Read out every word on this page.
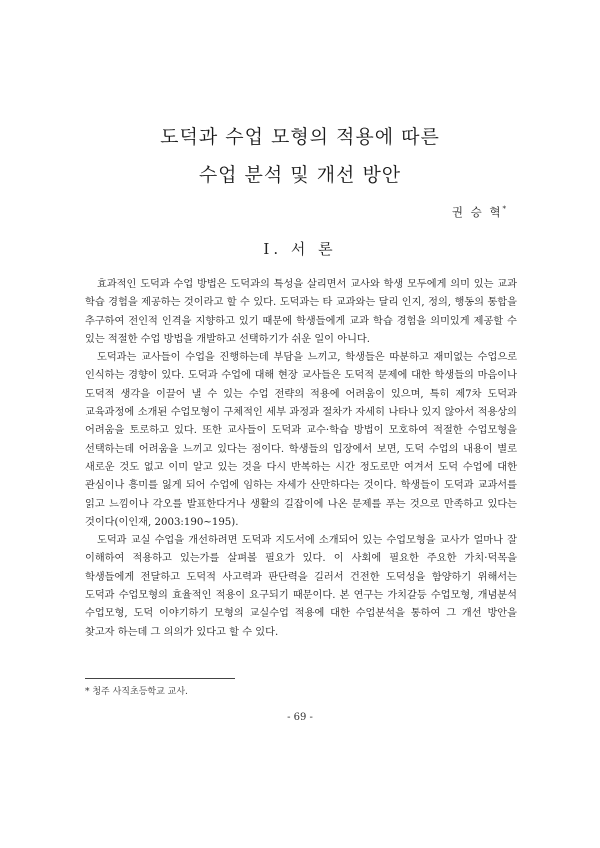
도덕과 수업 모형의 적용에 따른
수업 분석 및 개선 방안
권 승 혁*
Ⅰ. 서 론

효과적인 도덕과 수업 방법은 도덕과의 특성을 살리면서 교사와 학생 모두에게 의미 있는 교과 학습 경험을 제공하는 것이라고 할 수 있다. 도덕과는 타 교과와는 달리 인지, 정의, 행동의 통합을 추구하여 전인적 인격을 지향하고 있기 때문에 학생들에게 교과 학습 경험을 의미있게 제공할 수 있는 적절한 수업 방법을 개발하고 선택하기가 쉬운 일이 아니다.

도덕과는 교사들이 수업을 진행하는데 부담을 느끼고, 학생들은 따분하고 재미없는 수업으로 인식하는 경향이 있다. 도덕과 수업에 대해 현장 교사들은 도덕적 문제에 대한 학생들의 마음이나 도덕적 생각을 이끌어 낼 수 있는 수업 전략의 적용에 어려움이 있으며, 특히 제7차 도덕과 교육과정에 소개된 수업모형이 구체적인 세부 과정과 절차가 자세히 나타나 있지 않아서 적용상의 어려움을 토로하고 있다. 또한 교사들이 도덕과 교수·학습 방법이 모호하여 적절한 수업모형을 선택하는데 어려움을 느끼고 있다는 점이다. 학생들의 입장에서 보면, 도덕 수업의 내용이 별로 새로운 것도 없고 이미 알고 있는 것을 다시 반복하는 시간 정도로만 여겨서 도덕 수업에 대한 관심이나 흥미를 잃게 되어 수업에 임하는 자세가 산만하다는 것이다. 학생들이 도덕과 교과서를 읽고 느낌이나 각오를 발표한다거나 생활의 길잡이에 나온 문제를 푸는 것으로 만족하고 있다는 것이다(이인재, 2003:190~195).

도덕과 교실 수업을 개선하려면 도덕과 지도서에 소개되어 있는 수업모형을 교사가 얼마나 잘 이해하여 적용하고 있는가를 살펴볼 필요가 있다. 이 사회에 필요한 주요한 가치·덕목을 학생들에게 전달하고 도덕적 사고력과 판단력을 길러서 건전한 도덕성을 함양하기 위해서는 도덕과 수업모형의 효율적인 적용이 요구되기 때문이다. 본 연구는 가치갈등 수업모형, 개념분석 수업모형, 도덕 이야기하기 모형의 교실수업 적용에 대한 수업분석을 통하여 그 개선 방안을 찾고자 하는데 그 의의가 있다고 할 수 있다.

* 청주 사직초등학교 교사.
- 69 -
